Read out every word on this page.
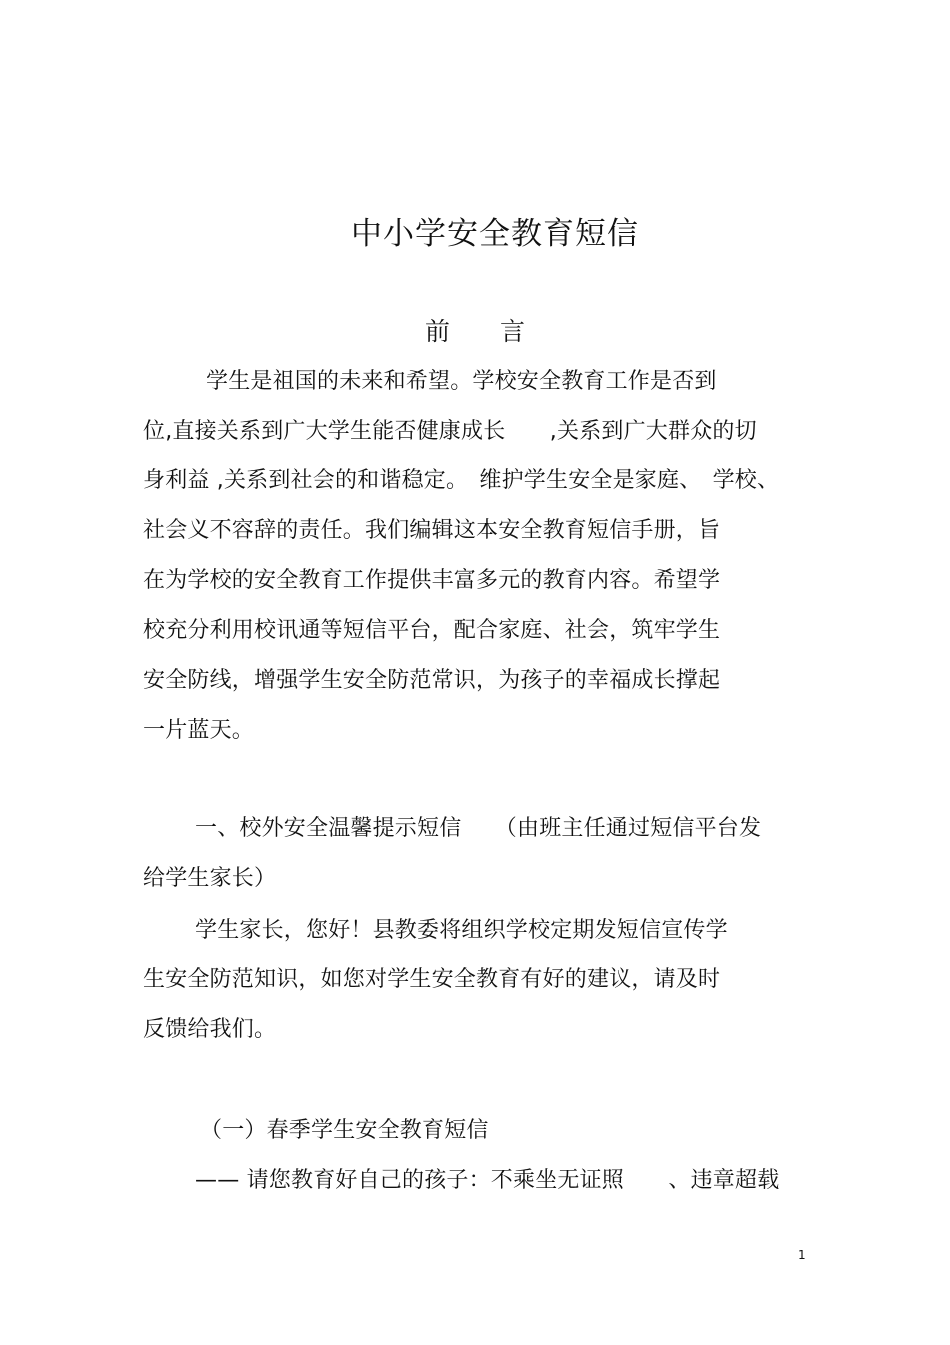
中小学安全教育短信
前　　言
学生是祖国的未来和希望。学校安全教育工作是否到
位,直接关系到广大学生能否健康成长　　,关系到广大群众的切
身利益 ,关系到社会的和谐稳定。　维护学生安全是家庭、　学校、
社会义不容辞的责任。我们编辑这本安全教育短信手册，旨
在为学校的安全教育工作提供丰富多元的教育内容。希望学
校充分利用校讯通等短信平台，配合家庭、社会，筑牢学生
安全防线，增强学生安全防范常识，为孩子的幸福成长撑起
一片蓝天。
一、校外安全温馨提示短信　　（由班主任通过短信平台发
给学生家长）
学生家长，您好！县教委将组织学校定期发短信宣传学
生安全防范知识，如您对学生安全教育有好的建议，请及时
反馈给我们。
（一）春季学生安全教育短信
—— 请您教育好自己的孩子：不乘坐无证照　　、违章超载
1
